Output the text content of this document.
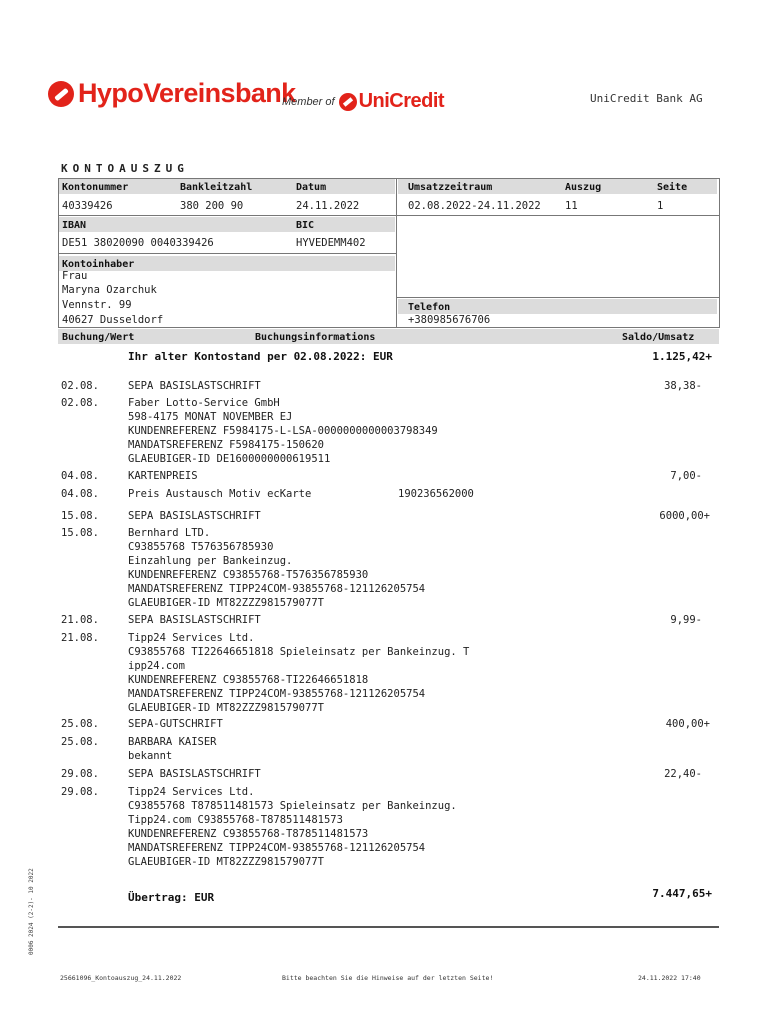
HypoVereinsbank
Member of UniCredit	UniCredit Bank AG
KONTOAUSZUG
Kontonummer	Bankleitzahl	Datum	Umsatzzeitraum	Auszug	Seite
40339426	380 200 90	24.11.2022	02.08.2022-24.11.2022 11	1
IBAN	BIC
DE51 38020090 0040339426	HYVEDEMM402
Kontoinhaber
Frau
Maryna Ozarchuk
Vennstr. 99
40627 Dusseldorf
Telefon
+380985676706
Buchung/Wert	Buchungsinformations	Saldo/Umsatz
Ihr alter Kontostand per 02.08.2022: EUR	1.125,42+
02.08.	SEPA BASISLASTSCHRIFT	38,38-
02.08.	Faber Lotto-Service GmbH
598-4175 MONAT NOVEMBER EJ
KUNDENREFERENZ F5984175-L-LSA-0000000000003798349
MANDATSREFERENZ F5984175-150620
GLAEUBIGER-ID DE1600000000619511
04.08.	KARTENPREIS	7,00-
04.08.	Preis Austausch Motiv ecKarte	190236562000
15.08.	SEPA BASISLASTSCHRIFT	6000,00+
15.08.	Bernhard LTD.
C93855768 T576356785930
Einzahlung per Bankeinzug.
KUNDENREFERENZ C93855768-T576356785930
MANDATSREFERENZ TIPP24COM-93855768-121126205754
GLAEUBIGER-ID MT82ZZZ981579077T
21.08.	SEPA BASISLASTSCHRIFT	9,99-
21.08.	Tipp24 Services Ltd.
C93855768 TI22646651818 Spieleinsatz per Bankeinzug. T
ipp24.com
KUNDENREFERENZ C93855768-TI22646651818
MANDATSREFERENZ TIPP24COM-93855768-121126205754
GLAEUBIGER-ID MT82ZZZ981579077T
25.08.	SEPA-GUTSCHRIFT	400,00+
25.08.	BARBARA KAISER
bekannt
29.08.	SEPA BASISLASTSCHRIFT	22,40-
29.08.	Tipp24 Services Ltd.
C93855768 T878511481573 Spieleinsatz per Bankeinzug.
Tipp24.com C93855768-T878511481573
KUNDENREFERENZ C93855768-T878511481573
MANDATSREFERENZ TIPP24COM-93855768-121126205754
GLAEUBIGER-ID MT82ZZZ981579077T
Übertrag: EUR	7.447,65+
25661096_Kontoauszug_24.11.2022	Bitte beachten Sie die Hinweise auf der letzten Seite!	24.11.2022 17:40
0006 2024 (2-2)- 10 2022
